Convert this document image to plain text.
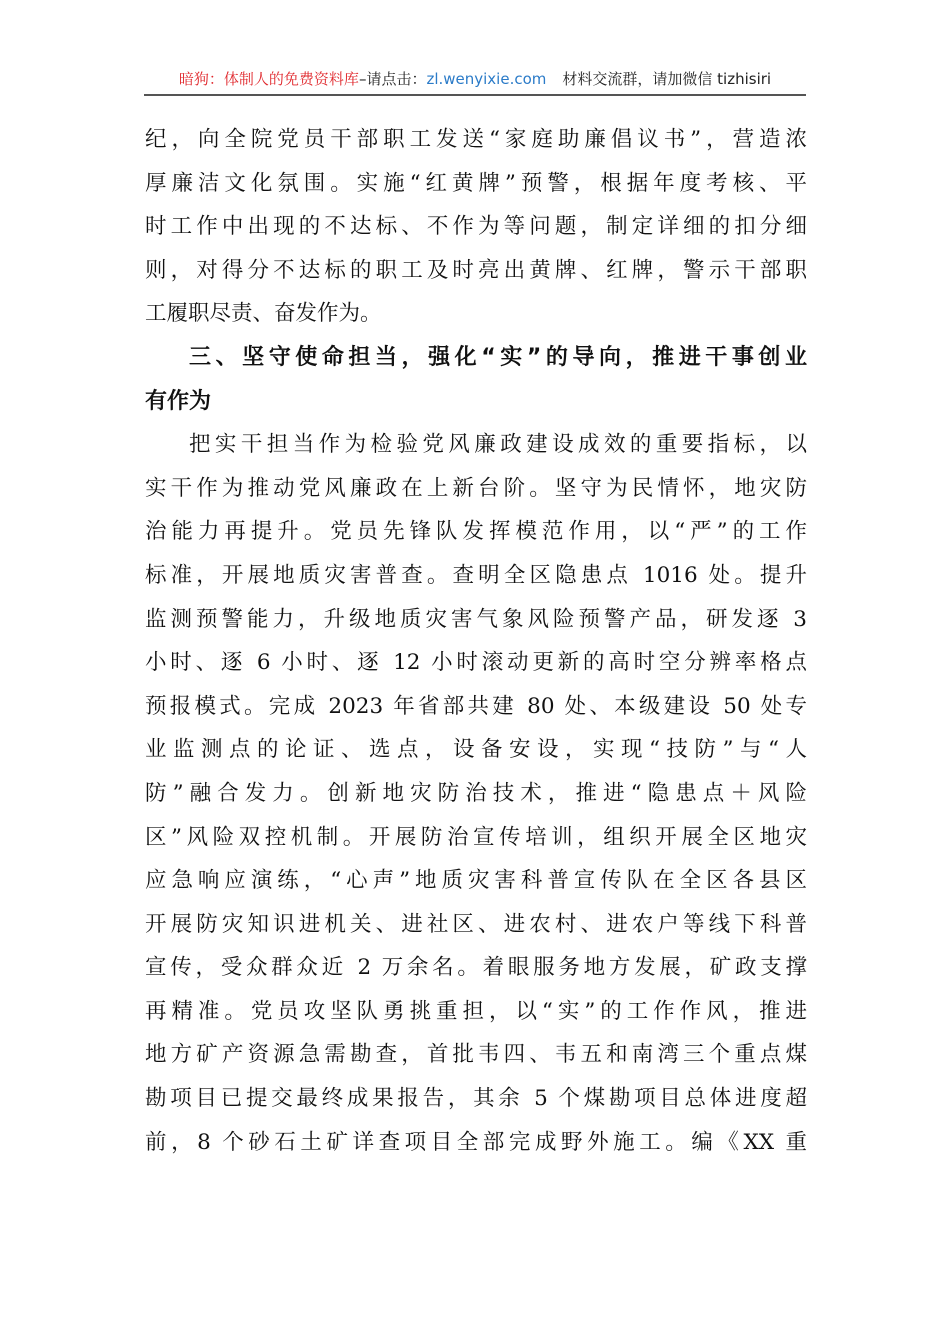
暗狗：体制人的免费资料库–请点击：zl.wenyixie.com 材料交流群，请加微信 tizhisiri
纪，向全院党员干部职工发送“家庭助廉倡议书”，营造浓
厚廉洁文化氛围。实施“红黄牌”预警，根据年度考核、平
时工作中出现的不达标、不作为等问题，制定详细的扣分细
则，对得分不达标的职工及时亮出黄牌、红牌，警示干部职
工履职尽责、奋发作为。
三、坚守使命担当，强化“实”的导向，推进干事创业
有作为
把实干担当作为检验党风廉政建设成效的重要指标，以
实干作为推动党风廉政在上新台阶。坚守为民情怀，地灾防
治能力再提升。党员先锋队发挥模范作用，以“严”的工作
标准，开展地质灾害普查。查明全区隐患点 1016 处。提升
监测预警能力，升级地质灾害气象风险预警产品，研发逐 3
小时、逐 6 小时、逐 12 小时滚动更新的高时空分辨率格点
预报模式。完成 2023 年省部共建 80 处、本级建设 50 处专
业监测点的论证、选点，设备安设，实现“技防”与“人
防”融合发力。创新地灾防治技术，推进“隐患点＋风险
区”风险双控机制。开展防治宣传培训，组织开展全区地灾
应急响应演练，“心声”地质灾害科普宣传队在全区各县区
开展防灾知识进机关、进社区、进农村、进农户等线下科普
宣传，受众群众近 2 万余名。着眼服务地方发展，矿政支撑
再精准。党员攻坚队勇挑重担，以“实”的工作作风，推进
地方矿产资源急需勘查，首批韦四、韦五和南湾三个重点煤
勘项目已提交最终成果报告，其余 5 个煤勘项目总体进度超
前，8 个砂石土矿详查项目全部完成野外施工。编《XX 重
